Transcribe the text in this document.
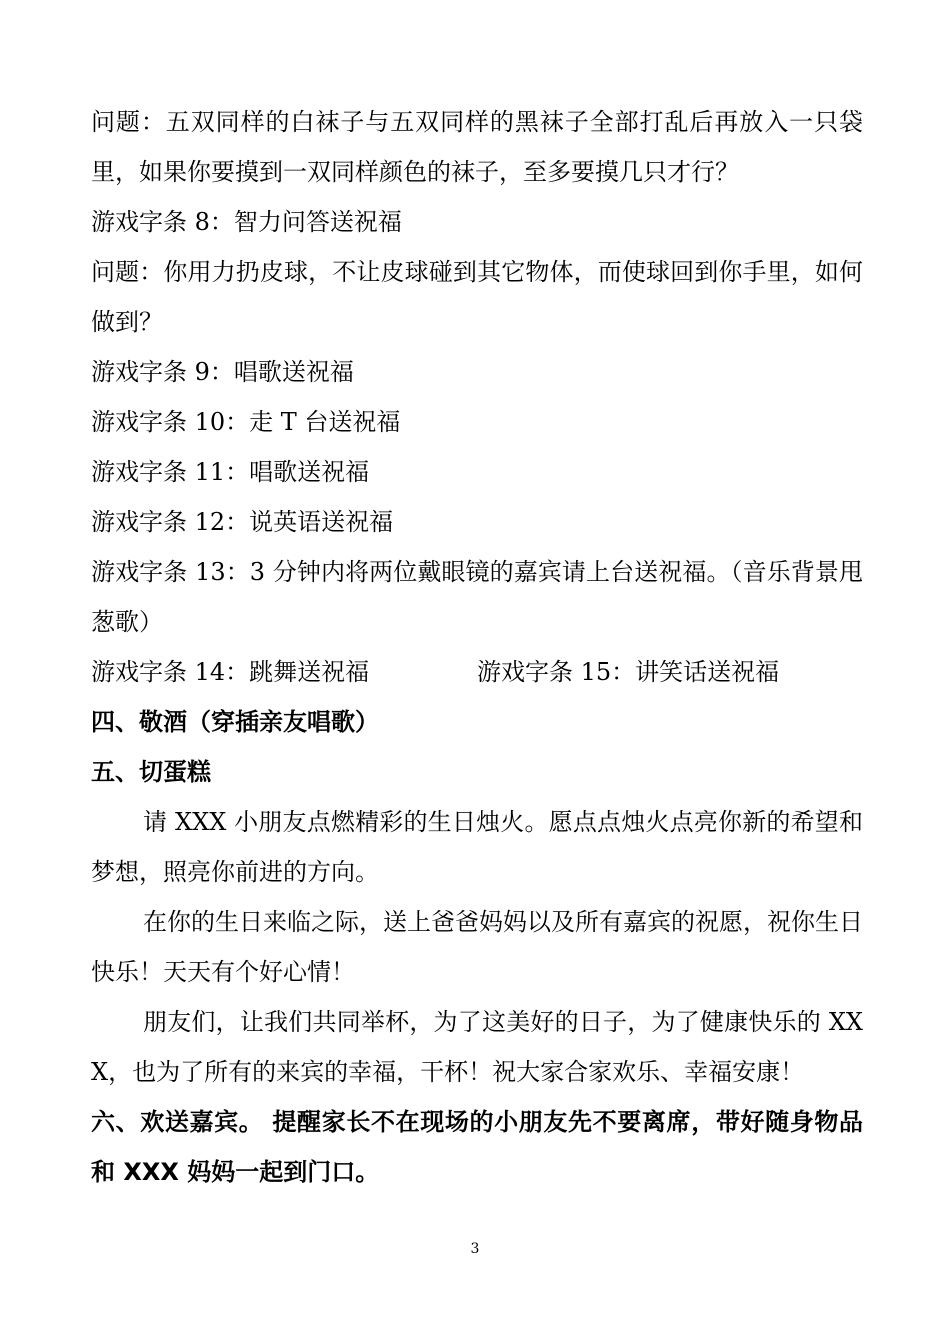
问题：五双同样的白袜子与五双同样的黑袜子全部打乱后再放入一只袋里，如果你要摸到一双同样颜色的袜子，至多要摸几只才行？

游戏字条 8：智力问答送祝福

问题：你用力扔皮球，不让皮球碰到其它物体，而使球回到你手里，如何做到？

游戏字条 9：唱歌送祝福

游戏字条 10：走 T 台送祝福

游戏字条 11：唱歌送祝福

游戏字条 12：说英语送祝福

游戏字条 13：3 分钟内将两位戴眼镜的嘉宾请上台送祝福。（音乐背景甩葱歌）

游戏字条 14：跳舞送祝福	游戏字条 15：讲笑话送祝福

四、敬酒（穿插亲友唱歌）

五、切蛋糕

请 XXX 小朋友点燃精彩的生日烛火。愿点点烛火点亮你新的希望和梦想，照亮你前进的方向。

在你的生日来临之际，送上爸爸妈妈以及所有嘉宾的祝愿，祝你生日快乐！天天有个好心情！

朋友们，让我们共同举杯，为了这美好的日子，为了健康快乐的 XXX，也为了所有的来宾的幸福，干杯！祝大家合家欢乐、幸福安康！

六、欢送嘉宾。 提醒家长不在现场的小朋友先不要离席，带好随身物品和 XXX 妈妈一起到门口。

3
